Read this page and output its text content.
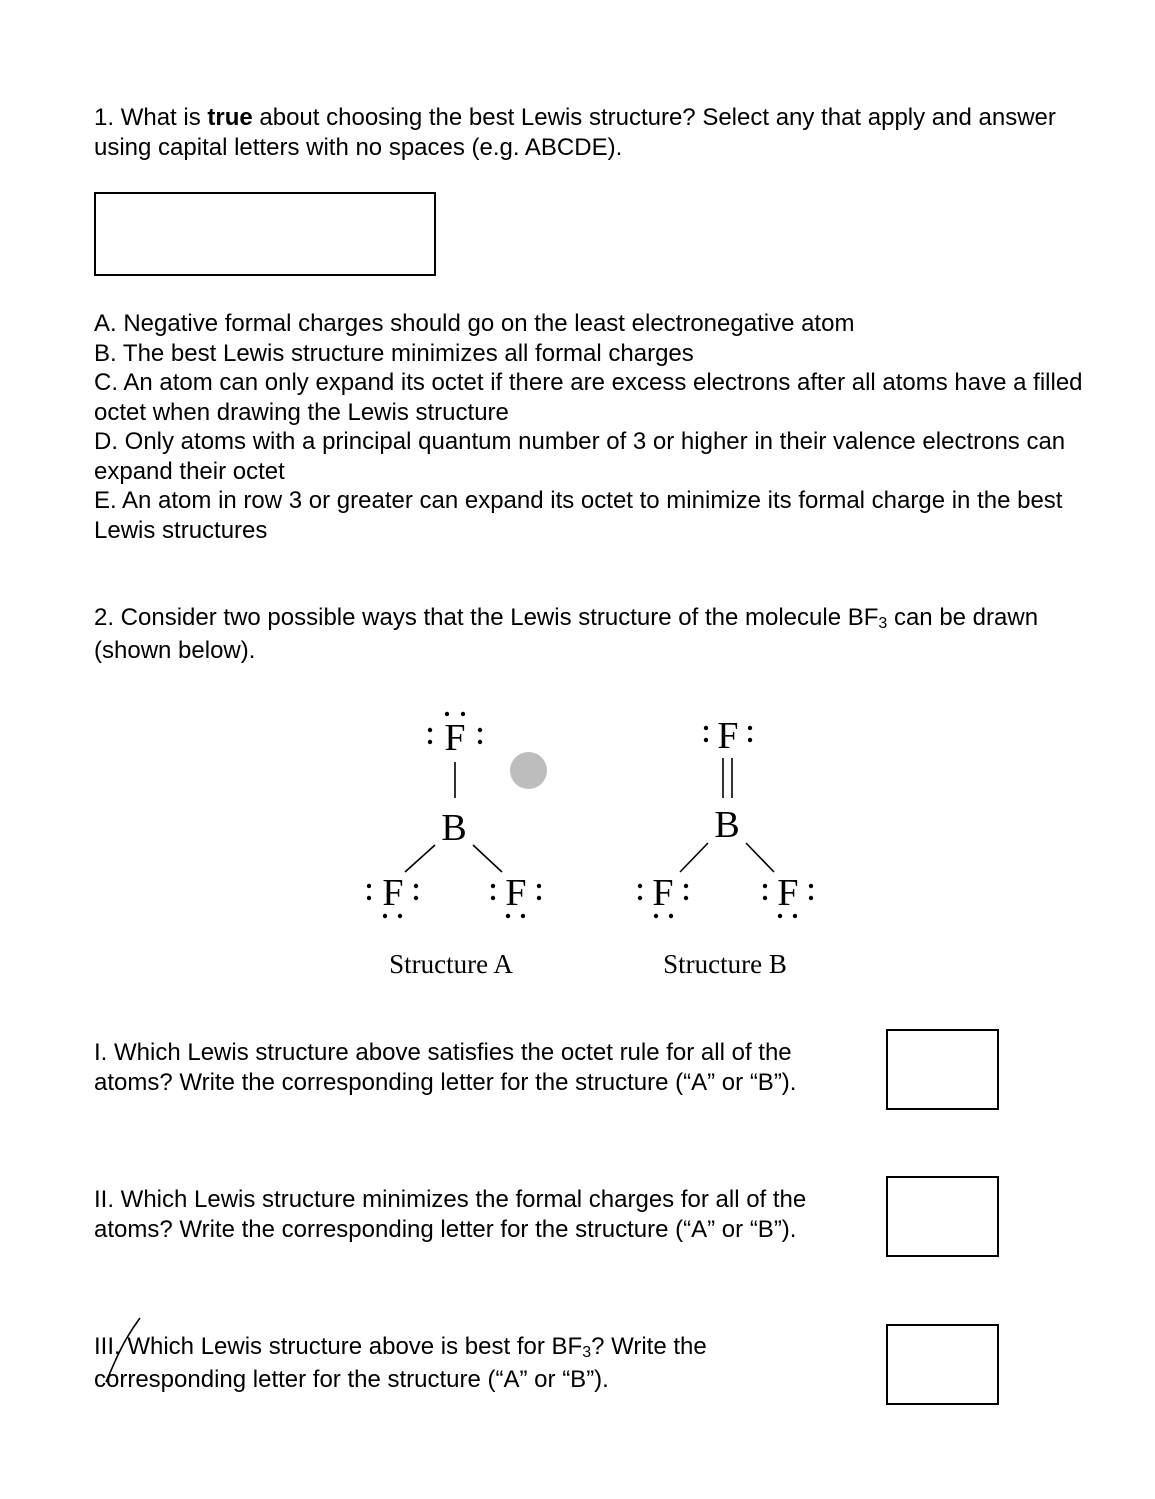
1. What is true about choosing the best Lewis structure? Select any that apply and answer using capital letters with no spaces (e.g. ABCDE).
A. Negative formal charges should go on the least electronegative atom
B. The best Lewis structure minimizes all formal charges
C. An atom can only expand its octet if there are excess electrons after all atoms have a filled octet when drawing the Lewis structure
D. Only atoms with a principal quantum number of 3 or higher in their valence electrons can expand their octet
E. An atom in row 3 or greater can expand its octet to minimize its formal charge in the best Lewis structures
2. Consider two possible ways that the Lewis structure of the molecule $BF_3$ can be drawn (shown below).
F
B
F	F
Structure A
F
B
F	F
Structure B
I. Which Lewis structure above satisfies the octet rule for all of the atoms? Write the corresponding letter for the structure (“A” or “B”).
II. Which Lewis structure minimizes the formal charges for all of the atoms? Write the corresponding letter for the structure (“A” or “B”).
III. Which Lewis structure above is best for $BF_3$? Write the corresponding letter for the structure (“A” or “B”).
